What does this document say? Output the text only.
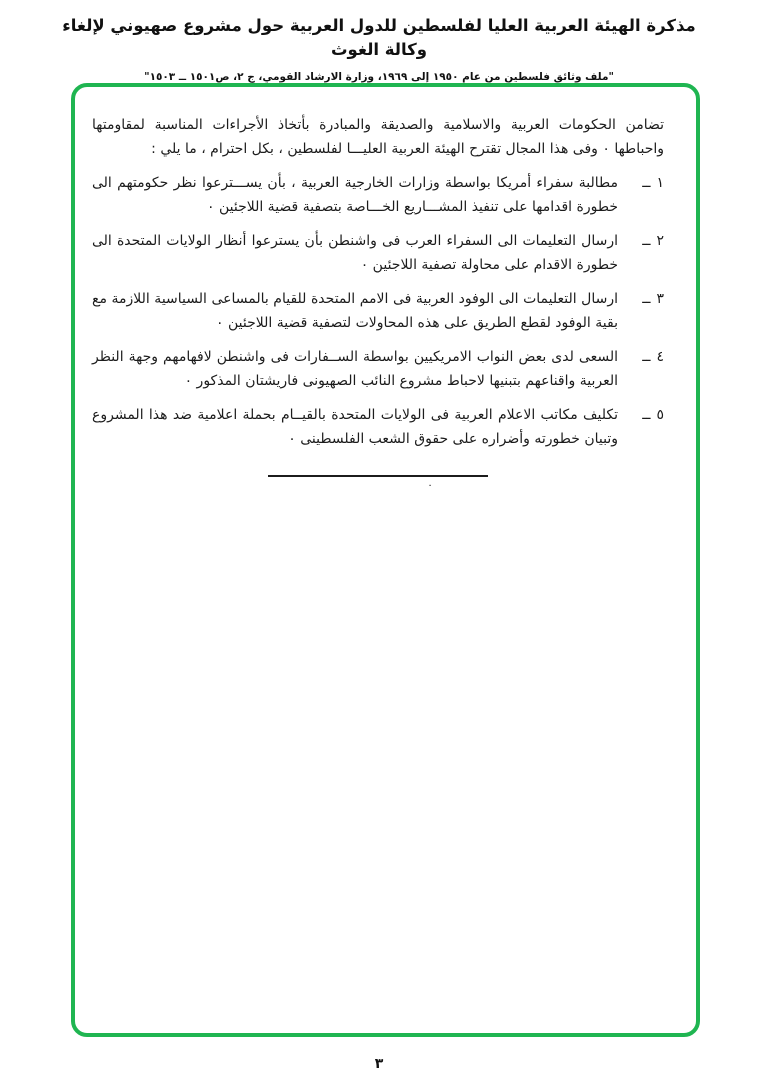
مذكرة الهيئة العربية العليا لفلسطين للدول العربية حول مشروع صهيوني لإلغاء وكالة الغوث
"ملف وثائق فلسطين من عام ١٩٥٠ إلى ١٩٦٩، وزارة الارشاد القومي، ج ٢، ص١٥٠١ ــ ١٥٠٣"
تضامن الحكومات العربية والاسلامية والصديقة والمبادرة بأتخاذ الأجراءات المناسبة لمقاومتها واحباطها ٠ وفى هذا المجال تقترح الهيئة العربية العليـــا لفلسطين ، بكل احترام ، ما يلي :
١
ــ
مطالبة سفراء أمريكا بواسطة وزارات الخارجية العربية ، بأن يســـترعوا نظر حكومتهم الى خطورة اقدامها على تنفيذ المشـــاريع الخـــاصة بتصفية قضية اللاجئين ٠
٢
ــ
ارسال التعليمات الى السفراء العرب فى واشنطن بأن يسترعوا أنظار الولايات المتحدة الى خطورة الاقدام على محاولة تصفية اللاجئين ٠
٣
ــ
ارسال التعليمات الى الوفود العربية فى الامم المتحدة للقيام بالمساعى السياسية اللازمة مع بقية الوفود لقطع الطريق على هذه المحاولات لتصفية قضية اللاجئين ٠
٤
ــ
السعى لدى بعض النواب الامريكيين بواسطة الســفارات فى واشنطن لافهامهم وجهة النظر العربية واقناعهم بتبنيها لاحباط مشروع النائب الصهيونى فاريشتان المذكور ٠
٥
ــ
تكليف مكاتب الاعلام العربية فى الولايات المتحدة بالقيــام بحملة اعلامية ضد هذا المشروع وتبيان خطورته وأضراره على حقوق الشعب الفلسطينى ٠
٠
٣
